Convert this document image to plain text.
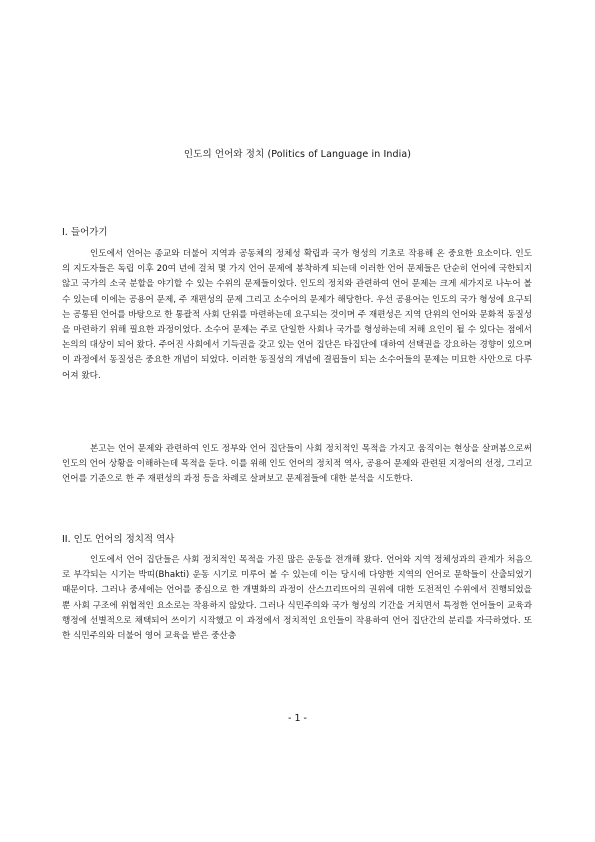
인도의 언어와 정치 (Politics of Language in India)
I. 들어가기

인도에서 언어는 종교와 더불어 지역과 공동체의 정체성 확립과 국가 형성의 기초로 작용해 온 중요한 요소이다. 인도의 지도자들은 독립 이후 20여 년에 걸쳐 몇 가지 언어 문제에 봉착하게 되는데 이러한 언어 문제들은 단순히 언어에 국한되지 않고 국가의 소국 분할을 야기할 수 있는 수위의 문제들이었다. 인도의 정치와 관련하여 언어 문제는 크게 세가지로 나누어 볼 수 있는데 이에는 공용어 문제, 주 재편성의 문제 그리고 소수어의 문제가 해당한다. 우선 공용어는 인도의 국가 형성에 요구되는 공통된 언어를 바탕으로 한 통괄적 사회 단위를 마련하는데 요구되는 것이며 주 재편성은 지역 단위의 언어와 문화적 동질성을 마련하기 위해 필요한 과정이었다. 소수어 문제는 주로 단일한 사회나 국가를 형성하는데 저해 요인이 될 수 있다는 점에서 논의의 대상이 되어 왔다. 주어진 사회에서 기득권을 갖고 있는 언어 집단은 타집단에 대하여 선택권을 강요하는 경향이 있으며 이 과정에서 동질성은 중요한 개념이 되었다. 이러한 동질성의 개념에 결핍들이 되는 소수어들의 문제는 미묘한 사안으로 다루어져 왔다.

본고는 언어 문제와 관련하여 인도 정부와 언어 집단들이 사회 정치적인 목적을 가지고 움직이는 현상을 살펴봄으로써 인도의 언어 상황을 이해하는데 목적을 둔다. 이를 위해 인도 언어의 정치적 역사, 공용어 문제와 관련된 지정어의 선정, 그리고 언어를 기준으로 한 주 재편성의 과정 등을 차례로 살펴보고 문제점들에 대한 분석을 시도한다.

II. 인도 언어의 정치적 역사

인도에서 언어 집단들은 사회 정치적인 목적을 가진 많은 운동을 전개해 왔다. 언어와 지역 정체성과의 관계가 처음으로 부각되는 시기는 박띠(Bhakti) 운동 시기로 미루어 볼 수 있는데 이는 당시에 다양한 지역의 언어로 문학들이 산출되었기 때문이다. 그러나 중세에는 언어를 중심으로 한 개별화의 과정이 산스끄리뜨어의 권위에 대한 도전적인 수위에서 진행되었을 뿐 사회 구조에 위협적인 요소로는 작용하지 않았다. 그러나 식민주의와 국가 형성의 기간을 거치면서 특정한 언어들이 교육과 행정에 선별적으로 채택되어 쓰이기 시작했고 이 과정에서 정치적인 요인들이 작용하여 언어 집단간의 분리를 자극하였다. 또한 식민주의와 더불어 영어 교육을 받은 중산층

- 1 -
